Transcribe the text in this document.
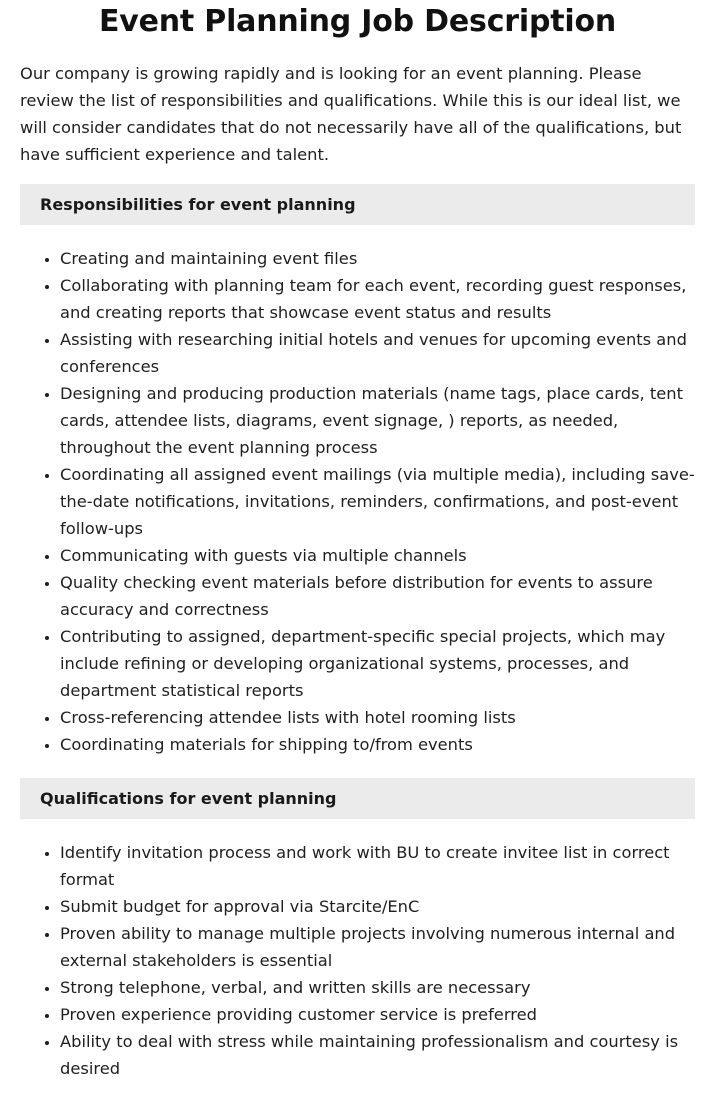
Event Planning Job Description

Our company is growing rapidly and is looking for an event planning. Please review the list of responsibilities and qualifications. While this is our ideal list, we will consider candidates that do not necessarily have all of the qualifications, but have sufficient experience and talent.

Responsibilities for event planning
• Creating and maintaining event files
• Collaborating with planning team for each event, recording guest responses, and creating reports that showcase event status and results
• Assisting with researching initial hotels and venues for upcoming events and conferences
• Designing and producing production materials (name tags, place cards, tent cards, attendee lists, diagrams, event signage, ) reports, as needed, throughout the event planning process
• Coordinating all assigned event mailings (via multiple media), including save-the-date notifications, invitations, reminders, confirmations, and post-event follow-ups
• Communicating with guests via multiple channels
• Quality checking event materials before distribution for events to assure accuracy and correctness
• Contributing to assigned, department-specific special projects, which may include refining or developing organizational systems, processes, and department statistical reports
• Cross-referencing attendee lists with hotel rooming lists
• Coordinating materials for shipping to/from events
Qualifications for event planning
• Identify invitation process and work with BU to create invitee list in correct format
• Submit budget for approval via Starcite/EnC
• Proven ability to manage multiple projects involving numerous internal and external stakeholders is essential
• Strong telephone, verbal, and written skills are necessary
• Proven experience providing customer service is preferred
• Ability to deal with stress while maintaining professionalism and courtesy is desired
